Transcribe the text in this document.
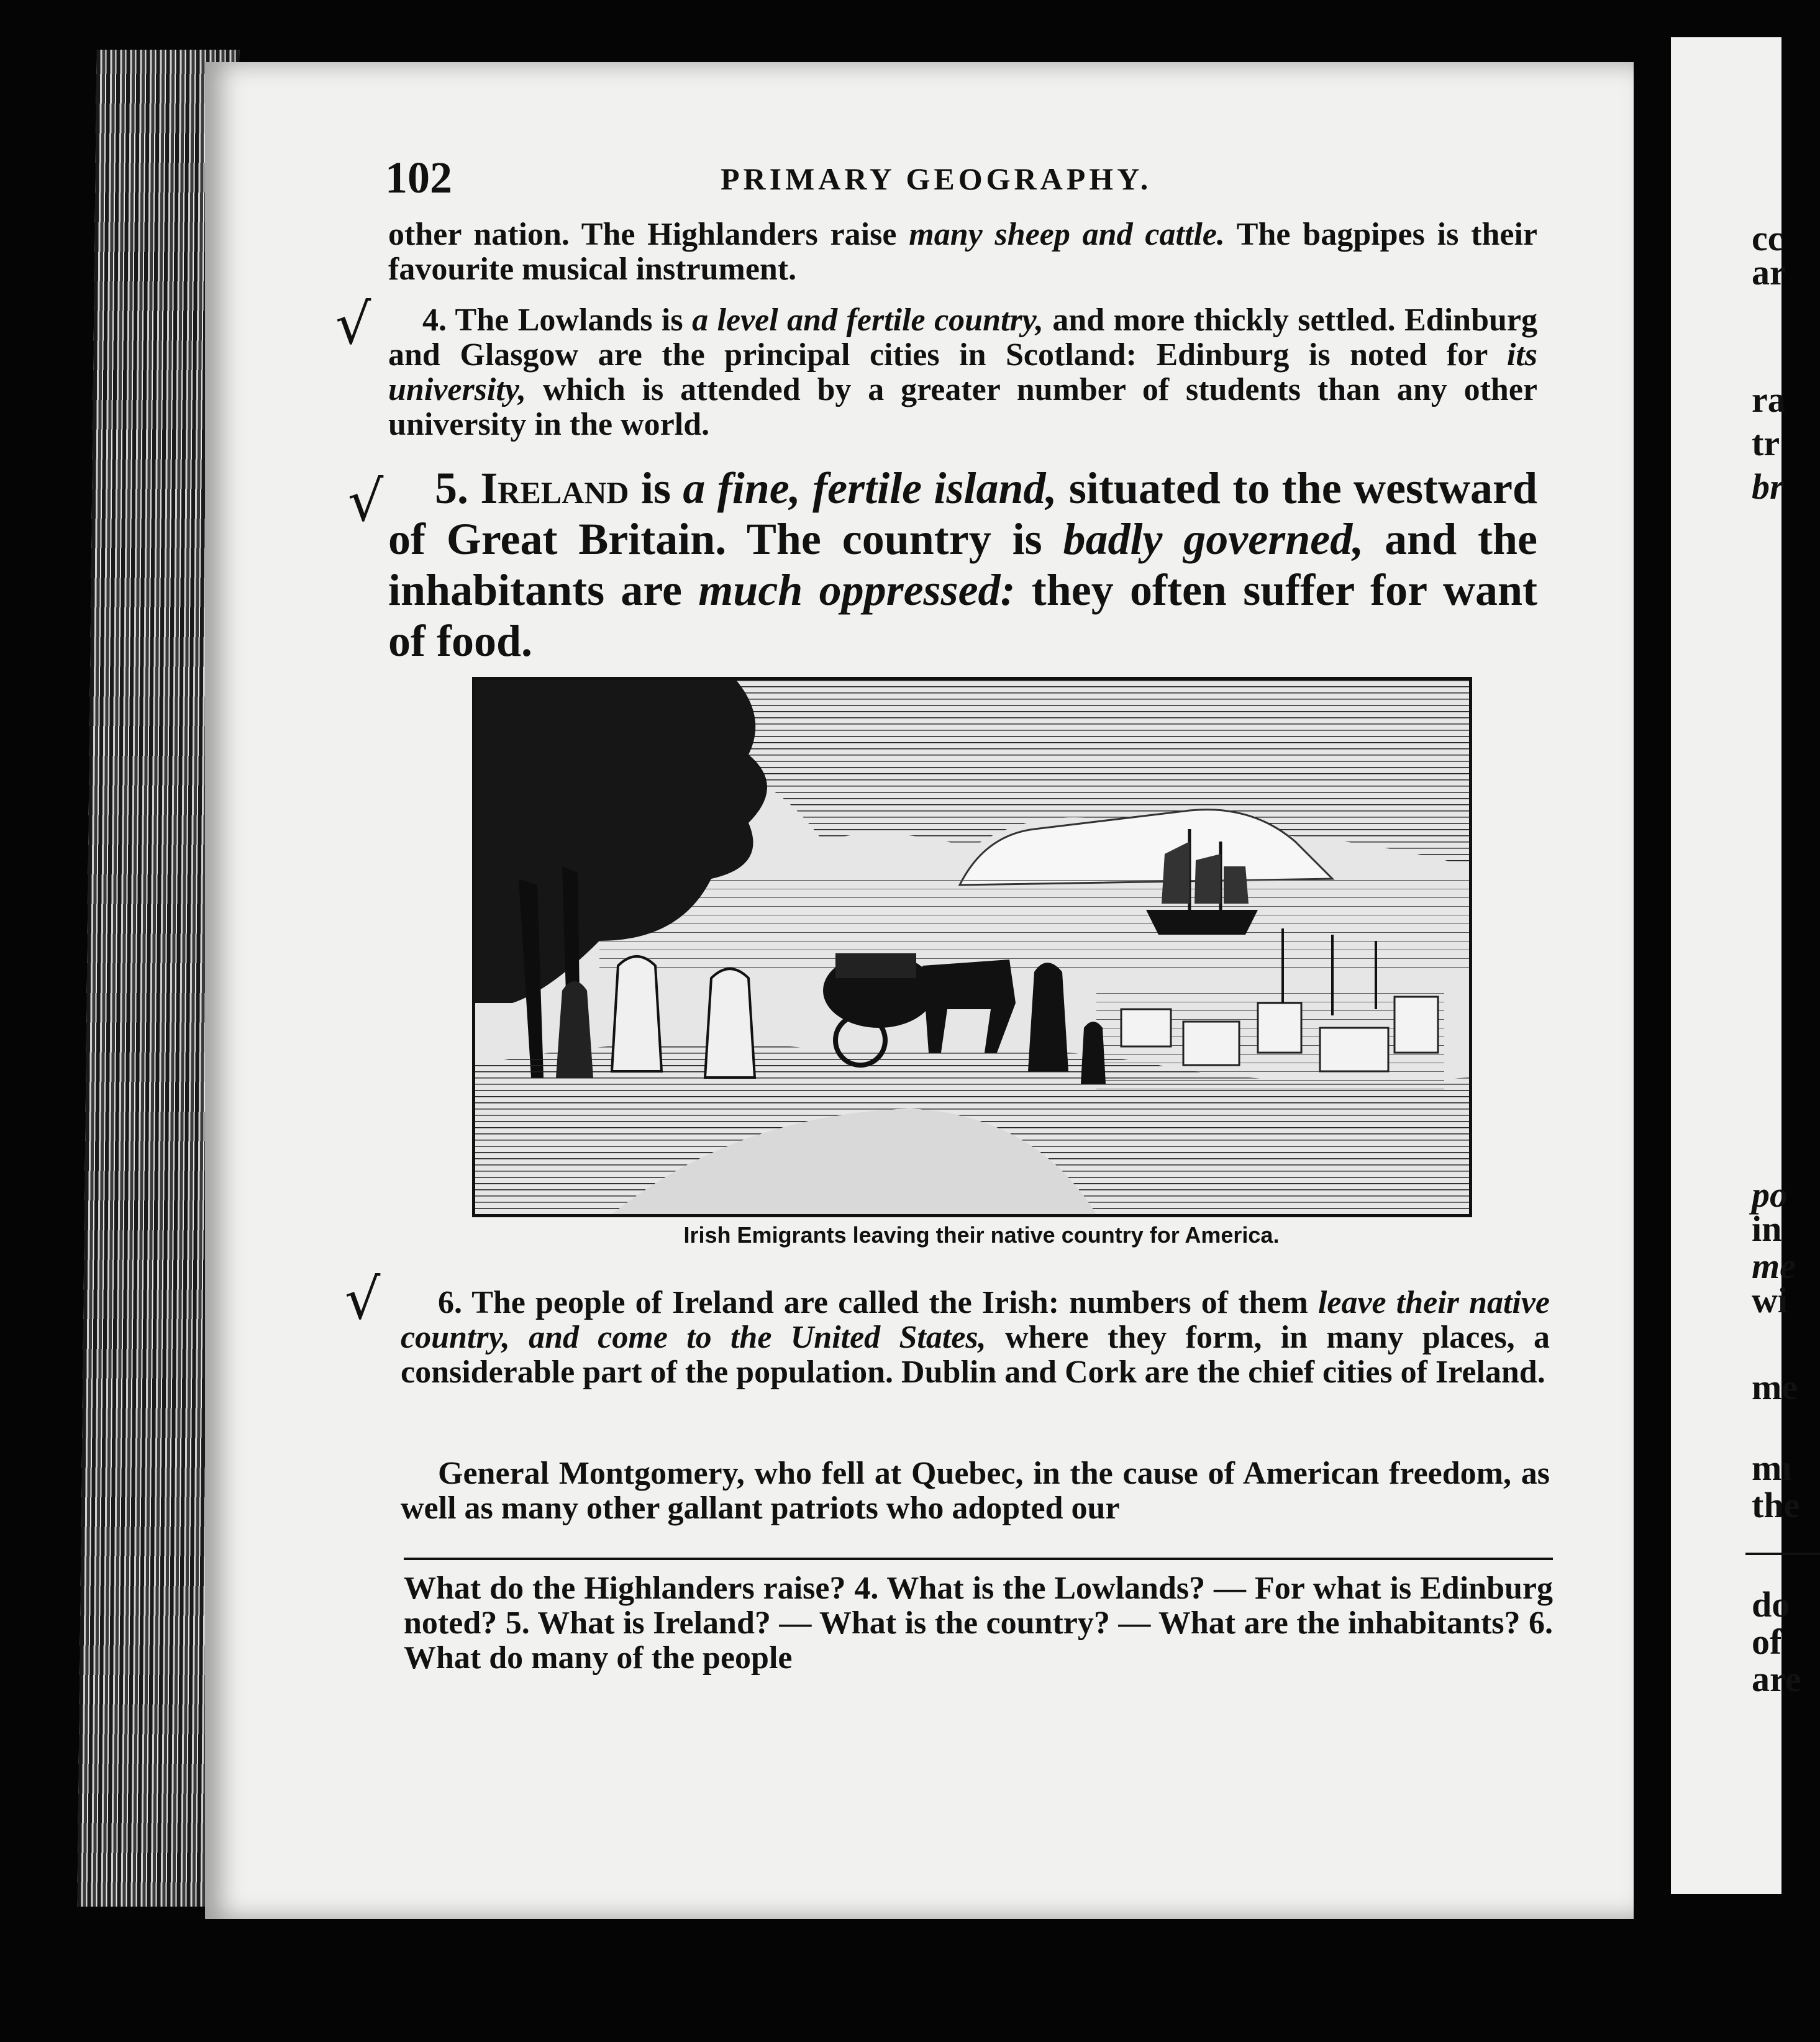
cc
ar
ra
tr
br
po
in
me
wi
me
mı
the
do
of
are
102	PRIMARY GEOGRAPHY.
other nation. The Highlanders raise many sheep and cattle. The bagpipes is their favourite musical instrument.
√	4. The Lowlands is a level and fertile country, and more thickly settled. Edinburg and Glasgow are the principal cities in Scotland: Edinburg is noted for its university, which is attended by a greater number of students than any other university in the world.
√	5. Ireland is a fine, fertile island, situated to the westward of Great Britain. The country is badly governed, and the inhabitants are much oppressed: they often suffer for want of food.
Irish Emigrants leaving their native country for America.
√	6. The people of Ireland are called the Irish: numbers of them leave their native country, and come to the United States, where they form, in many places, a considerable part of the population. Dublin and Cork are the chief cities of Ireland.
General Montgomery, who fell at Quebec, in the cause of American freedom, as well as many other gallant patriots who adopted our
What do the Highlanders raise? 4. What is the Lowlands? — For what is Edinburg noted? 5. What is Ireland? — What is the country? — What are the inhabitants? 6. What do many of the people
